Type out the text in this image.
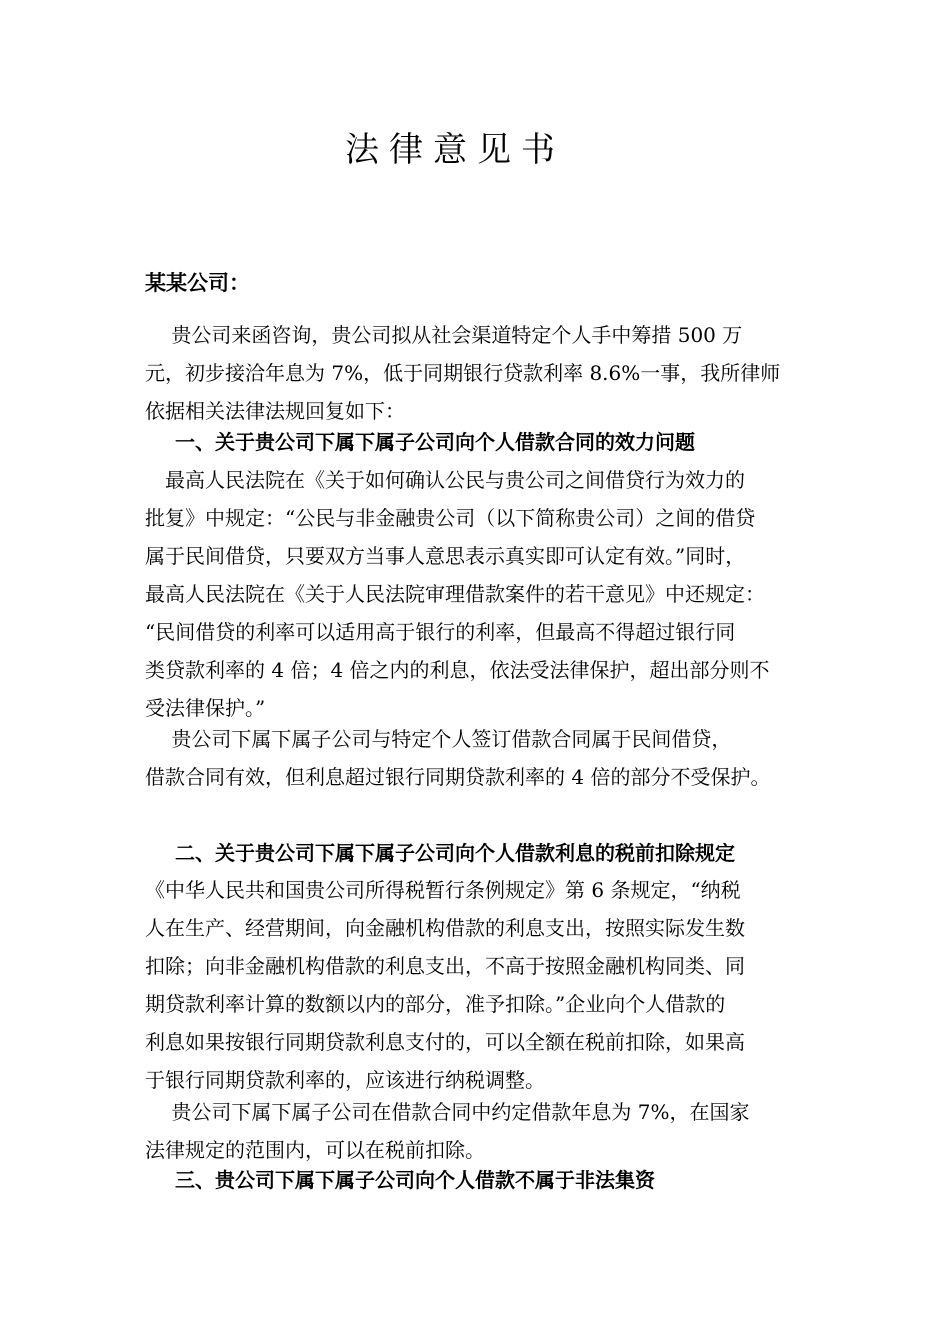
法律意见书
某某公司：
　 贵公司来函咨询，贵公司拟从社会渠道特定个人手中筹措 500 万
元，初步接洽年息为 7%，低于同期银行贷款利率 8.6%一事，我所律师
依据相关法律法规回复如下：
一、关于贵公司下属下属子公司向个人借款合同的效力问题
　最高人民法院在《关于如何确认公民与贵公司之间借贷行为效力的
批复》中规定：“公民与非金融贵公司（以下简称贵公司）之间的借贷
属于民间借贷，只要双方当事人意思表示真实即可认定有效。”同时，
最高人民法院在《关于人民法院审理借款案件的若干意见》中还规定：
“民间借贷的利率可以适用高于银行的利率，但最高不得超过银行同
类贷款利率的 4 倍；4 倍之内的利息，依法受法律保护，超出部分则不
受法律保护。”
　 贵公司下属下属子公司与特定个人签订借款合同属于民间借贷，
借款合同有效，但利息超过银行同期贷款利率的 4 倍的部分不受保护。
二、关于贵公司下属下属子公司向个人借款利息的税前扣除规定
《中华人民共和国贵公司所得税暂行条例规定》第 6 条规定，“纳税
人在生产、经营期间，向金融机构借款的利息支出，按照实际发生数
扣除；向非金融机构借款的利息支出，不高于按照金融机构同类、同
期贷款利率计算的数额以内的部分，准予扣除。”企业向个人借款的
利息如果按银行同期贷款利息支付的，可以全额在税前扣除，如果高
于银行同期贷款利率的，应该进行纳税调整。
　 贵公司下属下属子公司在借款合同中约定借款年息为 7%，在国家
法律规定的范围内，可以在税前扣除。
三、贵公司下属下属子公司向个人借款不属于非法集资
